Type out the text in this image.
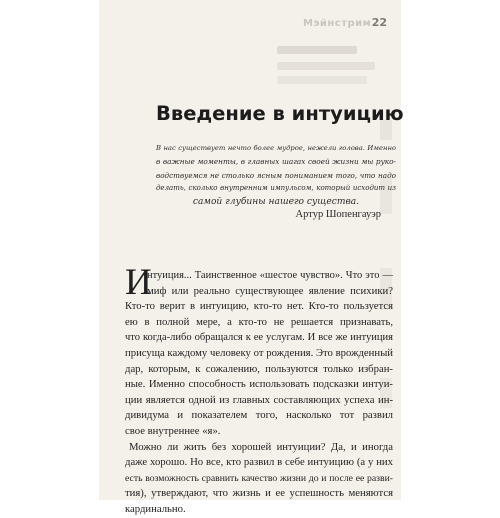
Мэйнстрим 22
Введение в интуицию
В нас существует нечто более мудрое, нежели голова. Именно
в важные моменты, в главных шагах своей жизни мы руко-
водствуемся не столько ясным пониманием того, что надо
делать, сколько внутренним импульсом, который исходит из
самой глубины нашего существа.
Артур Шопенгауэр
И
нтуиция... Таинственное «шестое чувство». Что это —
миф или реально существующее явление психики?
Кто-то верит в интуицию, кто-то нет. Кто-то пользуется
ею в полной мере, а кто-то не решается признавать,
что когда-либо обращался к ее услугам. И все же интуиция
присуща каждому человеку от рождения. Это врожденный
дар, которым, к сожалению, пользуются только избран-
ные. Именно способность использовать подсказки интуи-
ции является одной из главных составляющих успеха ин-
дивидума и показателем того, насколько тот развил
свое внутреннее «я».
Можно ли жить без хорошей интуиции? Да, и иногда
даже хорошо. Но все, кто развил в себе интуицию (а у них
есть возможность сравнить качество жизни до и после ее разви-
тия), утверждают, что жизнь и ее успешность меняются
кардинально.
